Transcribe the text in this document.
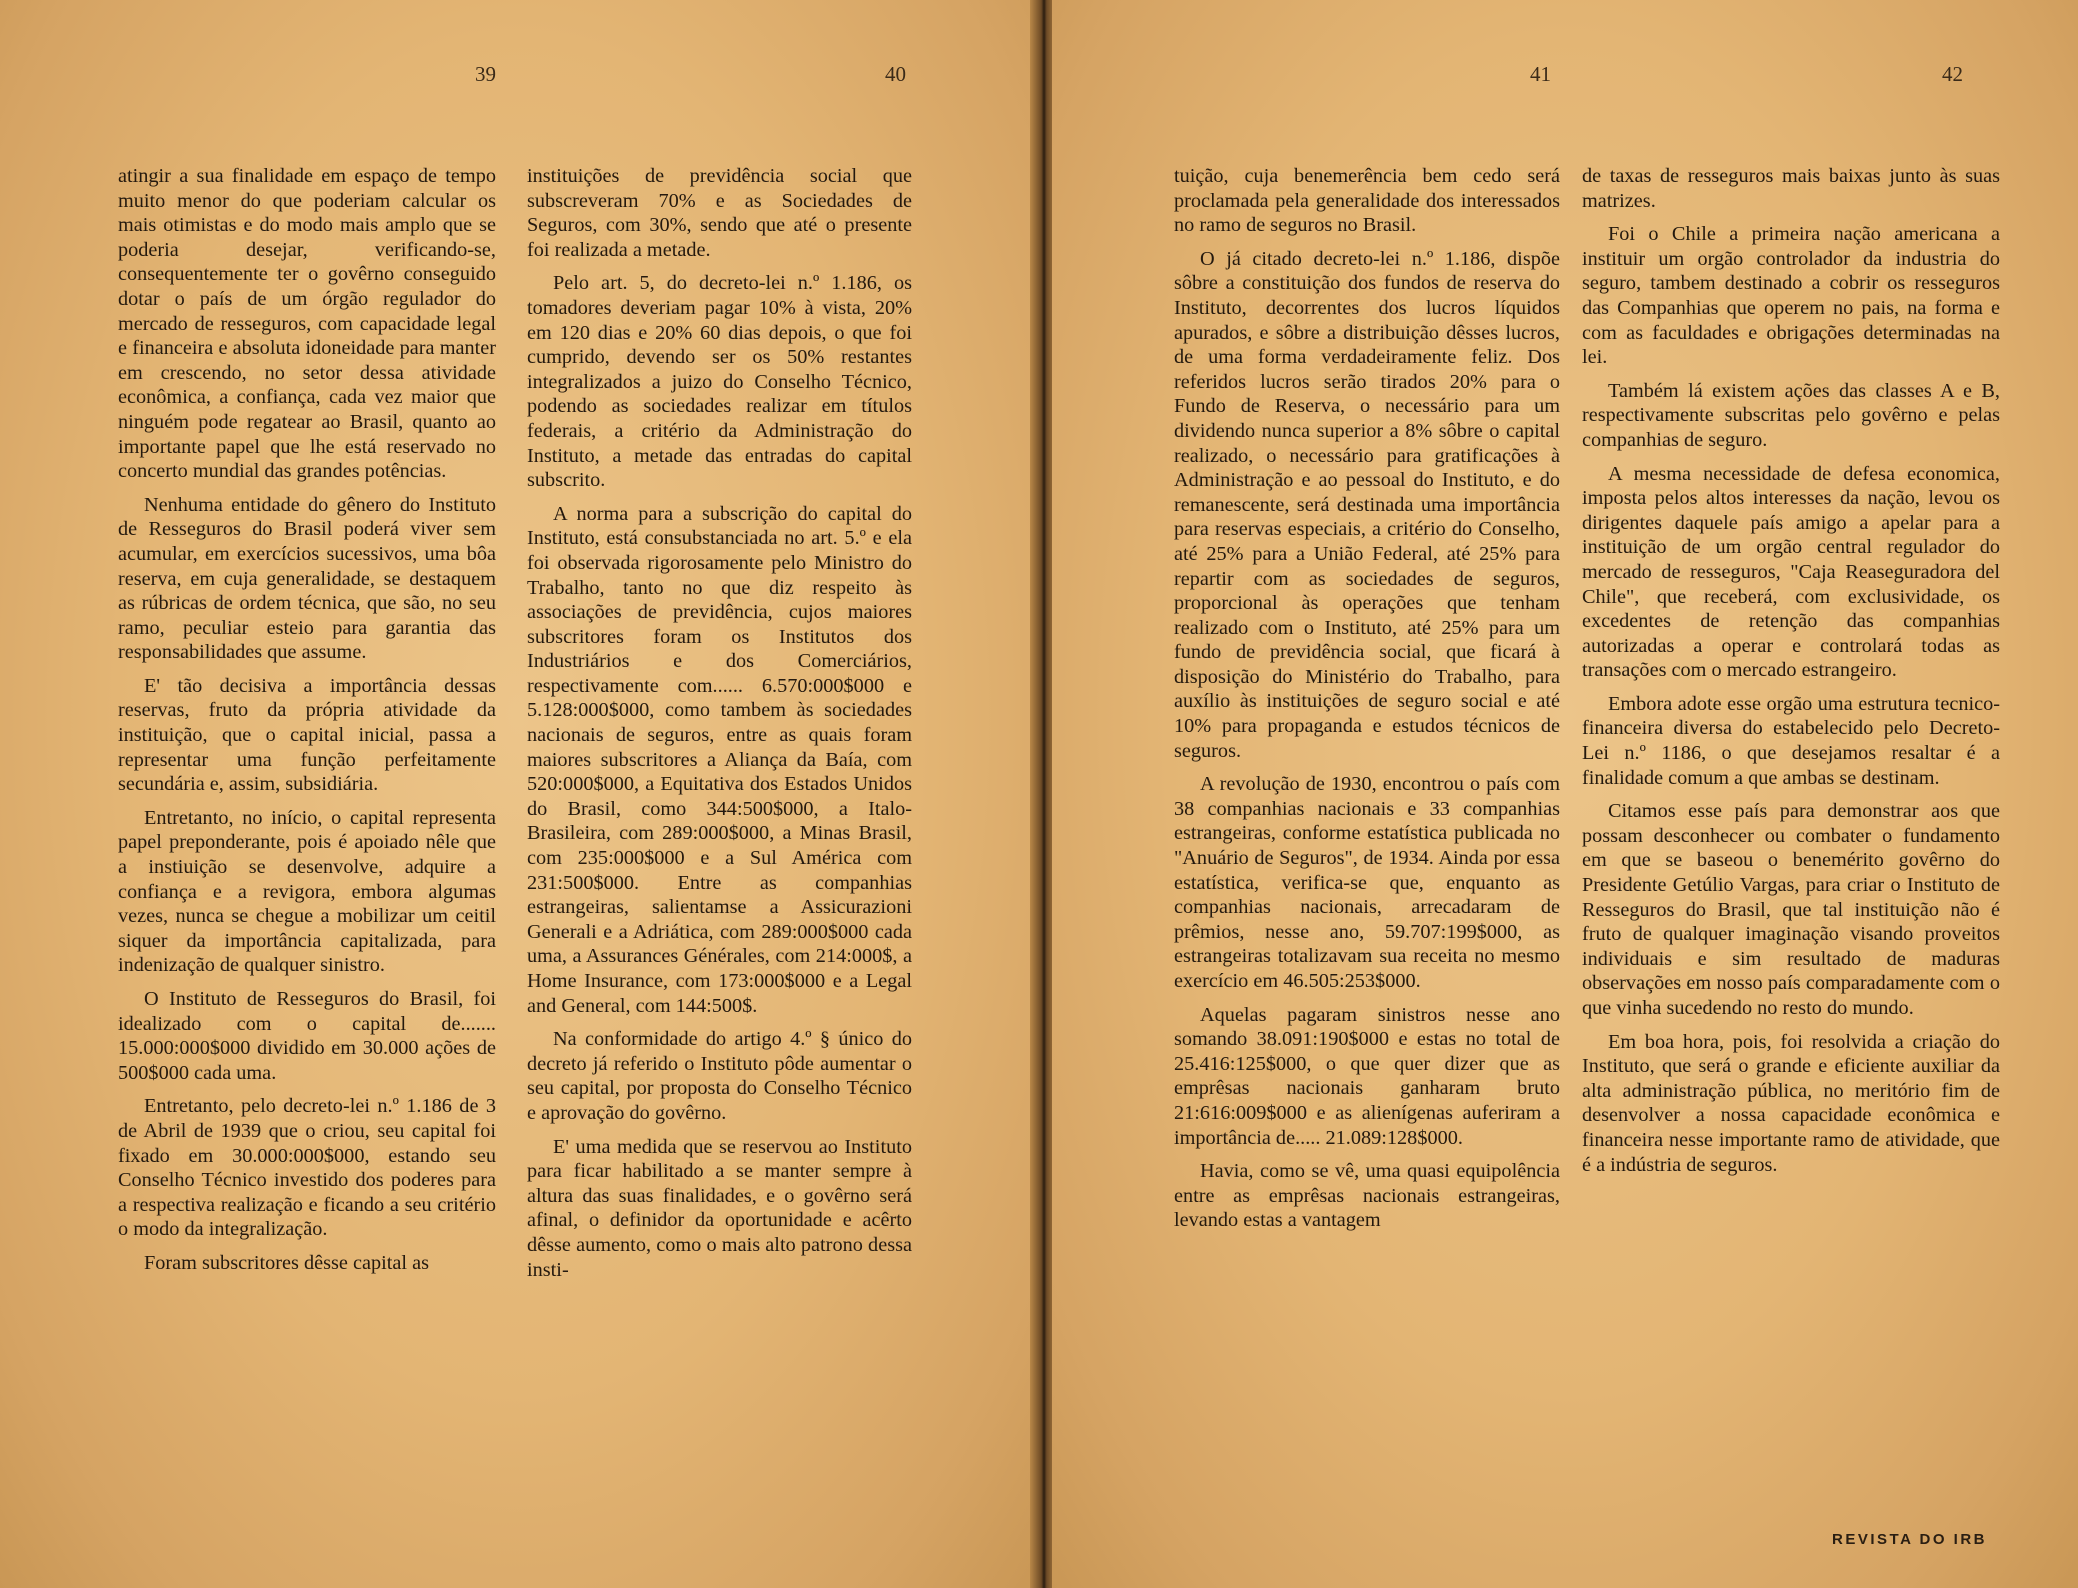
39	40

atingir a sua finalidade em espaço de tempo muito menor do que poderiam calcular os mais otimistas e do modo mais amplo que se poderia desejar, verificando-se, consequentemente ter o govêrno conseguido dotar o país de um órgão regulador do mercado de resseguros, com capacidade legal e financeira e absoluta idoneidade para manter em crescendo, no setor dessa atividade econômica, a confiança, cada vez maior que ninguém pode regatear ao Brasil, quanto ao importante papel que lhe está reservado no concerto mundial das grandes potências.

Nenhuma entidade do gênero do Instituto de Resseguros do Brasil poderá viver sem acumular, em exercícios sucessivos, uma bôa reserva, em cuja generalidade, se destaquem as rúbricas de ordem técnica, que são, no seu ramo, peculiar esteio para garantia das responsabilidades que assume.

E' tão decisiva a importância dessas reservas, fruto da própria atividade da instituição, que o capital inicial, passa a representar uma função perfeitamente secundária e, assim, subsidiária.

Entretanto, no início, o capital representa papel preponderante, pois é apoiado nêle que a instiuição se desenvolve, adquire a confiança e a revigora, embora algumas vezes, nunca se chegue a mobilizar um ceitil siquer da importância capitalizada, para indenização de qualquer sinistro.

O Instituto de Resseguros do Brasil, foi idealizado com o capital de....... 15.000:000$000 dividido em 30.000 ações de 500$000 cada uma.

Entretanto, pelo decreto-lei n.º 1.186 de 3 de Abril de 1939 que o criou, seu capital foi fixado em 30.000:000$000, estando seu Conselho Técnico investido dos poderes para a respectiva realização e ficando a seu critério o modo da integralização.

Foram subscritores dêsse capital as

instituições de previdência social que subscreveram 70% e as Sociedades de Seguros, com 30%, sendo que até o presente foi realizada a metade.

Pelo art. 5, do decreto-lei n.º 1.186, os tomadores deveriam pagar 10% à vista, 20% em 120 dias e 20% 60 dias depois, o que foi cumprido, devendo ser os 50% restantes integralizados a juizo do Conselho Técnico, podendo as sociedades realizar em títulos federais, a critério da Administração do Instituto, a metade das entradas do capital subscrito.

A norma para a subscrição do capital do Instituto, está consubstanciada no art. 5.º e ela foi observada rigorosamente pelo Ministro do Trabalho, tanto no que diz respeito às associações de previdência, cujos maiores subscritores foram os Institutos dos Industriários e dos Comerciários, respectivamente com...... 6.570:000$000 e 5.128:000$000, como tambem às sociedades nacionais de seguros, entre as quais foram maiores subscritores a Aliança da Baía, com 520:000$000, a Equitativa dos Estados Unidos do Brasil, como 344:500$000, a Italo-Brasileira, com 289:000$000, a Minas Brasil, com 235:000$000 e a Sul América com 231:500$000. Entre as companhias estrangeiras, salientamse a Assicurazioni Generali e a Adriática, com 289:000$000 cada uma, a Assurances Générales, com 214:000$, a Home Insurance, com 173:000$000 e a Legal and General, com 144:500$.

Na conformidade do artigo 4.º § único do decreto já referido o Instituto pôde aumentar o seu capital, por proposta do Conselho Técnico e aprovação do govêrno.

E' uma medida que se reservou ao Instituto para ficar habilitado a se manter sempre à altura das suas finalidades, e o govêrno será afinal, o definidor da oportunidade e acêrto dêsse aumento, como o mais alto patrono dessa insti-

41	42

tuição, cuja benemerência bem cedo será proclamada pela generalidade dos interessados no ramo de seguros no Brasil.

O já citado decreto-lei n.º 1.186, dispõe sôbre a constituição dos fundos de reserva do Instituto, decorrentes dos lucros líquidos apurados, e sôbre a distribuição dêsses lucros, de uma forma verdadeiramente feliz. Dos referidos lucros serão tirados 20% para o Fundo de Reserva, o necessário para um dividendo nunca superior a 8% sôbre o capital realizado, o necessário para gratificações à Administração e ao pessoal do Instituto, e do remanescente, será destinada uma importância para reservas especiais, a critério do Conselho, até 25% para a União Federal, até 25% para repartir com as sociedades de seguros, proporcional às operações que tenham realizado com o Instituto, até 25% para um fundo de previdência social, que ficará à disposição do Ministério do Trabalho, para auxílio às instituições de seguro social e até 10% para propaganda e estudos técnicos de seguros.

A revolução de 1930, encontrou o país com 38 companhias nacionais e 33 companhias estrangeiras, conforme estatística publicada no "Anuário de Seguros", de 1934. Ainda por essa estatística, verifica-se que, enquanto as companhias nacionais, arrecadaram de prêmios, nesse ano, 59.707:199$000, as estrangeiras totalizavam sua receita no mesmo exercício em 46.505:253$000.

Aquelas pagaram sinistros nesse ano somando 38.091:190$000 e estas no total de 25.416:125$000, o que quer dizer que as emprêsas nacionais ganharam bruto 21:616:009$000 e as alienígenas auferiram a importância de..... 21.089:128$000.

Havia, como se vê, uma quasi equipolência entre as emprêsas nacionais estrangeiras, levando estas a vantagem

de taxas de resseguros mais baixas junto às suas matrizes.

Foi o Chile a primeira nação americana a instituir um orgão controlador da industria do seguro, tambem destinado a cobrir os resseguros das Companhias que operem no pais, na forma e com as faculdades e obrigações determinadas na lei.

Também lá existem ações das classes A e B, respectivamente subscritas pelo govêrno e pelas companhias de seguro.

A mesma necessidade de defesa economica, imposta pelos altos interesses da nação, levou os dirigentes daquele país amigo a apelar para a instituição de um orgão central regulador do mercado de resseguros, "Caja Reaseguradora del Chile", que receberá, com exclusividade, os excedentes de retenção das companhias autorizadas a operar e controlará todas as transações com o mercado estrangeiro.

Embora adote esse orgão uma estrutura tecnico-financeira diversa do estabelecido pelo Decreto-Lei n.º 1186, o que desejamos resaltar é a finalidade comum a que ambas se destinam.

Citamos esse país para demonstrar aos que possam desconhecer ou combater o fundamento em que se baseou o benemérito govêrno do Presidente Getúlio Vargas, para criar o Instituto de Resseguros do Brasil, que tal instituição não é fruto de qualquer imaginação visando proveitos individuais e sim resultado de maduras observações em nosso país comparadamente com o que vinha sucedendo no resto do mundo.

Em boa hora, pois, foi resolvida a criação do Instituto, que será o grande e eficiente auxiliar da alta administração pública, no meritório fim de desenvolver a nossa capacidade econômica e financeira nesse importante ramo de atividade, que é a indústria de seguros.

REVISTA DO IRB
